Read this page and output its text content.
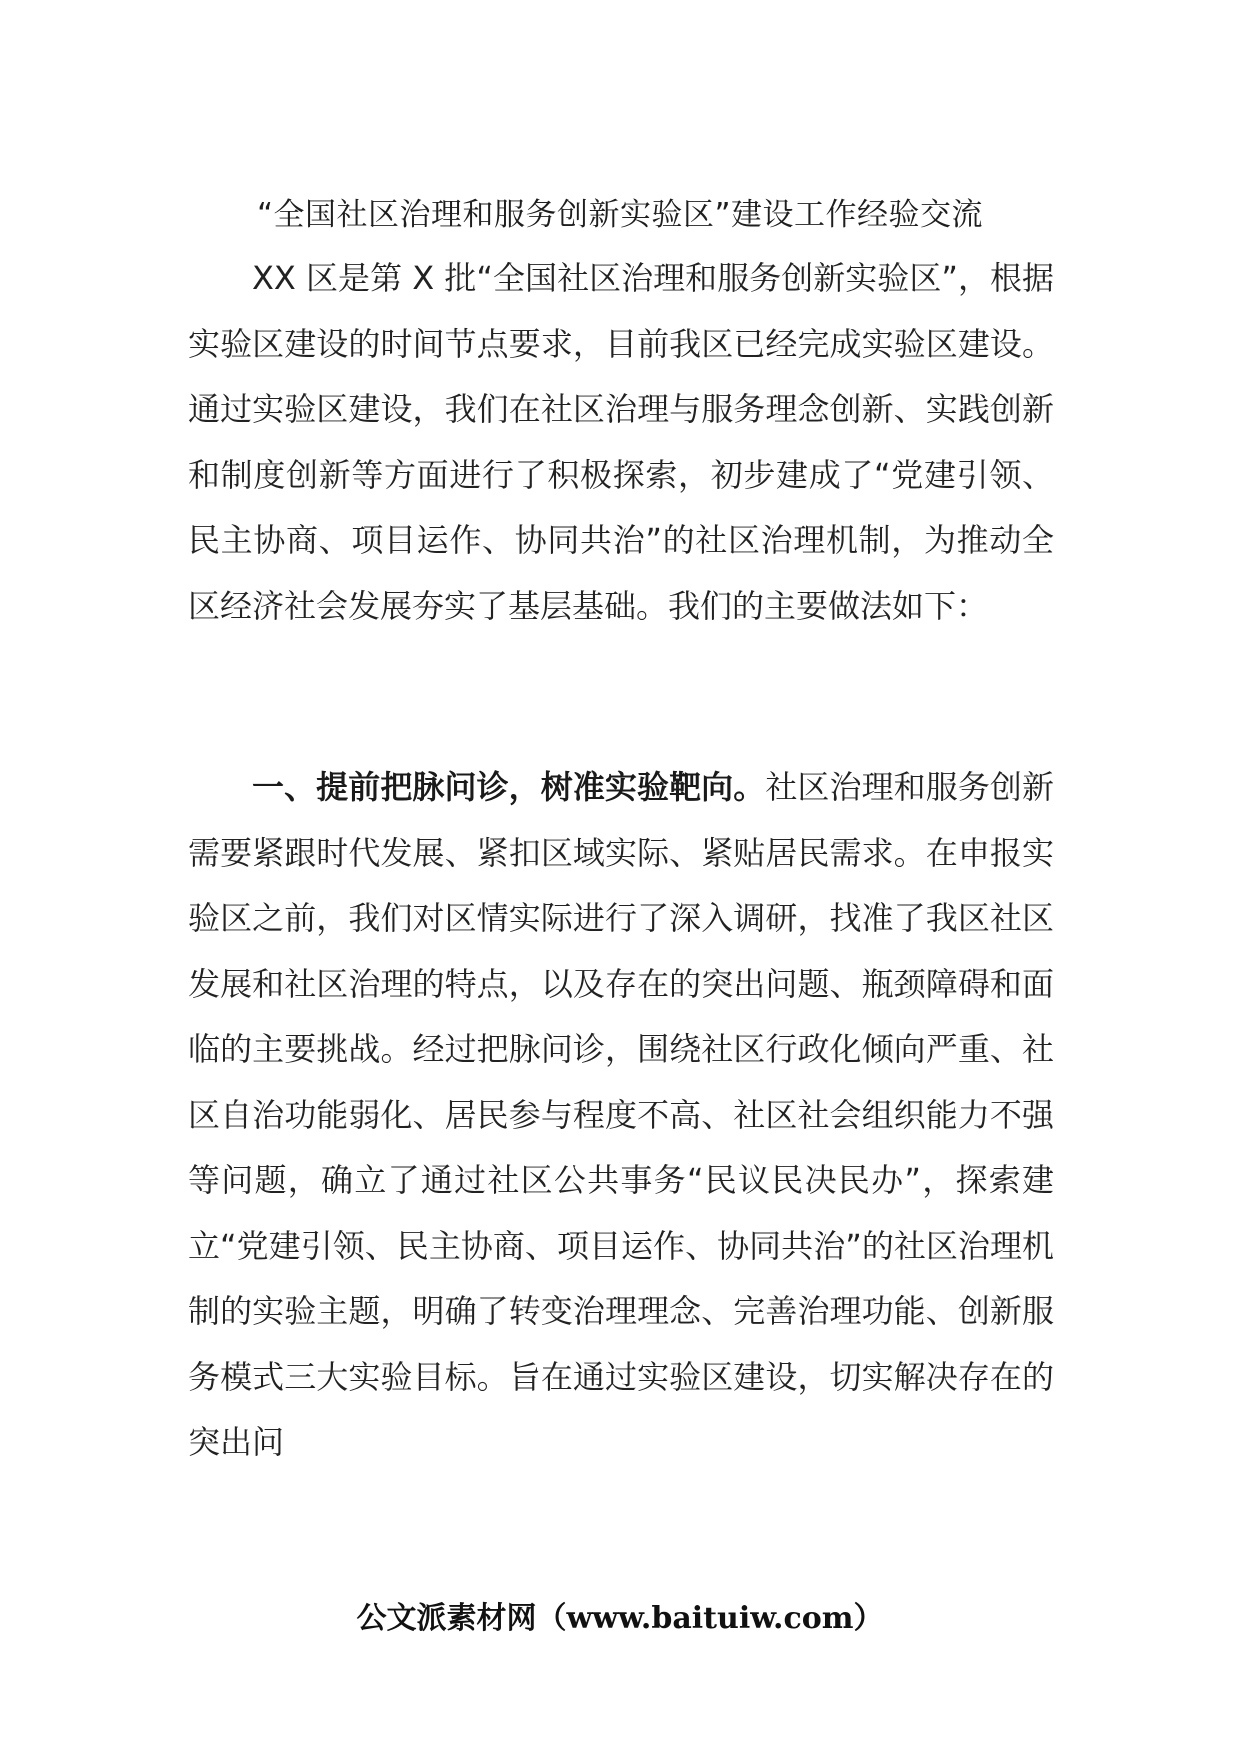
“全国社区治理和服务创新实验区”建设工作经验交流

XX 区是第 X 批“全国社区治理和服务创新实验区”，根据实验区建设的时间节点要求，目前我区已经完成实验区建设。通过实验区建设，我们在社区治理与服务理念创新、实践创新和制度创新等方面进行了积极探索，初步建成了“党建引领、民主协商、项目运作、协同共治”的社区治理机制，为推动全区经济社会发展夯实了基层基础。我们的主要做法如下：

一、提前把脉问诊，树准实验靶向。社区治理和服务创新需要紧跟时代发展、紧扣区域实际、紧贴居民需求。在申报实验区之前，我们对区情实际进行了深入调研，找准了我区社区发展和社区治理的特点，以及存在的突出问题、瓶颈障碍和面临的主要挑战。经过把脉问诊，围绕社区行政化倾向严重、社区自治功能弱化、居民参与程度不高、社区社会组织能力不强等问题，确立了通过社区公共事务“民议民决民办”，探索建立“党建引领、民主协商、项目运作、协同共治”的社区治理机制的实验主题，明确了转变治理理念、完善治理功能、创新服务模式三大实验目标。旨在通过实验区建设，切实解决存在的突出问

公文派素材网（www.baituiw.com）
